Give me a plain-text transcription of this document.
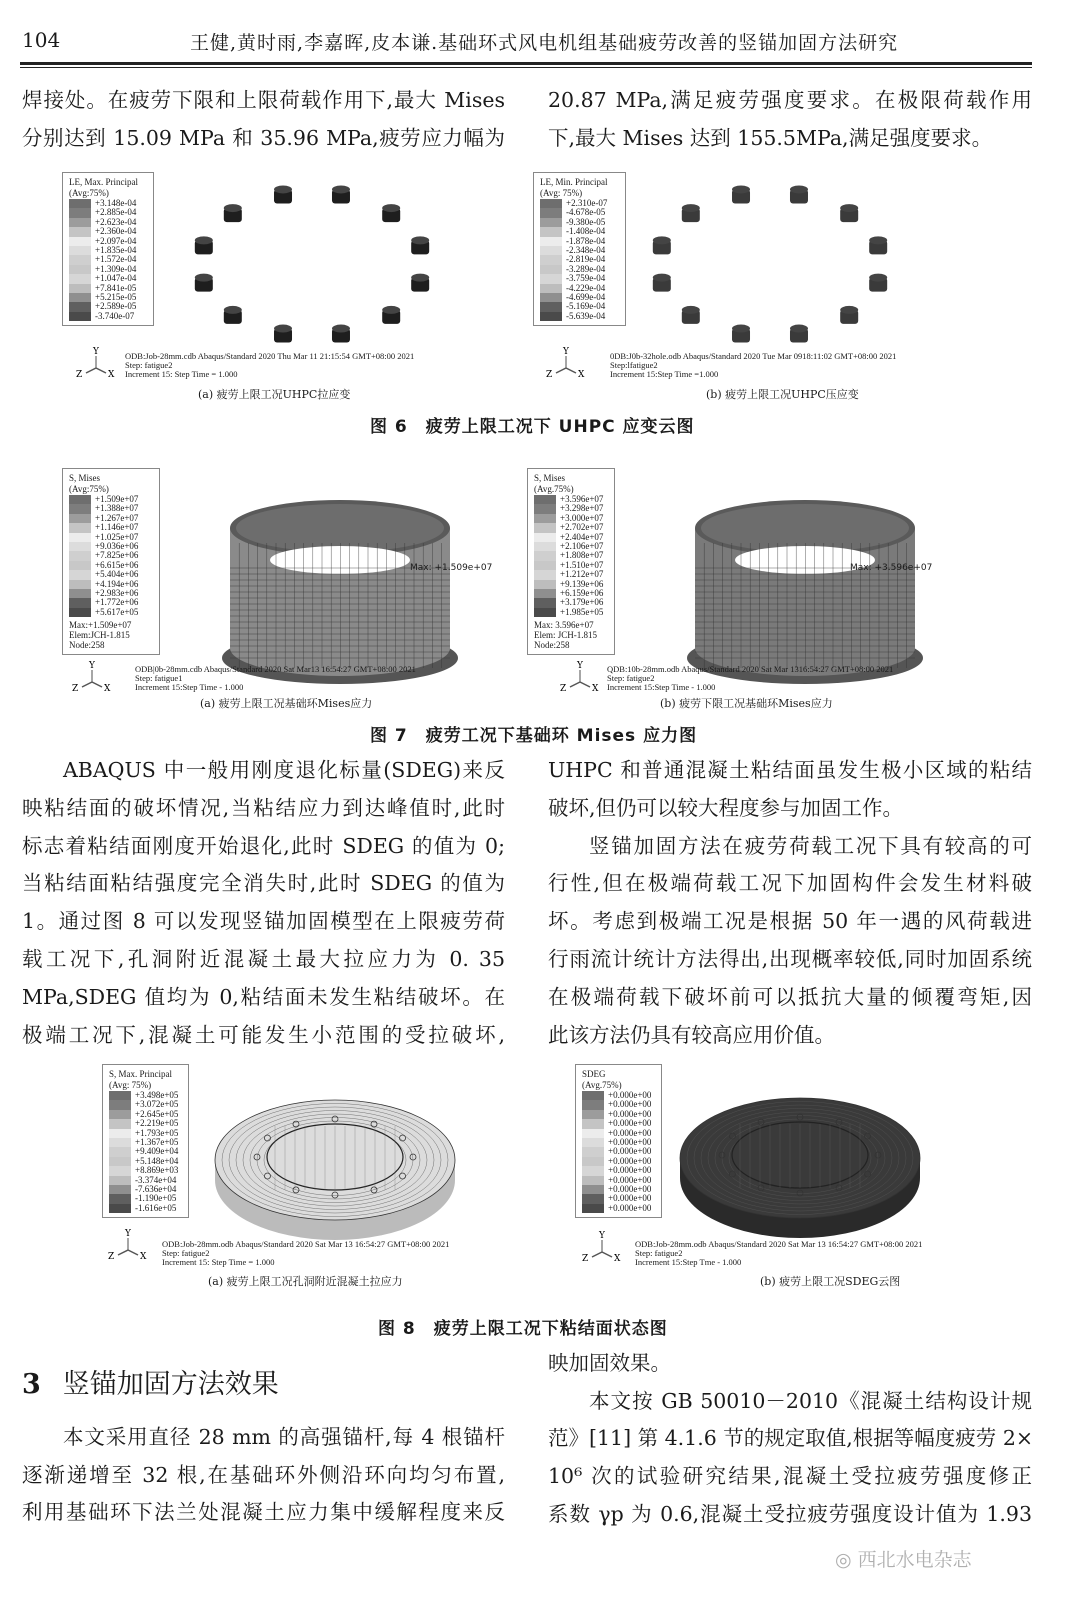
104	王健,黄时雨,李嘉晖,皮本谦.基础环式风电机组基础疲劳改善的竖锚加固方法研究
焊接处。在疲劳下限和上限荷载作用下,最大 Mises
分别达到 15.09 MPa 和 35.96 MPa,疲劳应力幅为
20.87 MPa,满足疲劳强度要求。在极限荷载作用
下,最大 Mises 达到 155.5MPa,满足强度要求。
ABAQUS 中一般用刚度退化标量(SDEG)来反
映粘结面的破坏情况,当粘结应力到达峰值时,此时
标志着粘结面刚度开始退化,此时 SDEG 的值为 0;
当粘结面粘结强度完全消失时,此时 SDEG 的值为
1。通过图 8 可以发现竖锚加固模型在上限疲劳荷
载工况下,孔洞附近混凝土最大拉应力为 0. 35
MPa,SDEG 值均为 0,粘结面未发生粘结破坏。在
极端工况下,混凝土可能发生小范围的受拉破坏,
UHPC 和普通混凝土粘结面虽发生极小区域的粘结
破坏,但仍可以较大程度参与加固工作。
竖锚加固方法在疲劳荷载工况下具有较高的可
行性,但在极端荷载工况下加固构件会发生材料破
坏。考虑到极端工况是根据 50 年一遇的风荷载进
行雨流计统计方法得出,出现概率较低,同时加固系统
在极端荷载下破坏前可以抵抗大量的倾覆弯矩,因
此该方法仍具有较高应用价值。
本文采用直径 28 mm 的高强锚杆,每 4 根锚杆
逐渐递增至 32 根,在基础环外侧沿环向均匀布置,
利用基础环下法兰处混凝土应力集中缓解程度来反
映加固效果。
本文按 GB 50010－2010《混凝土结构设计规
范》[11] 第 4.1.6 节的规定取值,根据等幅度疲劳 2×
10⁶ 次的试验研究结果,混凝土受拉疲劳强度修正
系数 γp 为 0.6,混凝土受拉疲劳强度设计值为 1.93
LE, Max. Principal
(Avg:75%)
+3.148e-04
+2.885e-04
+2.623e-04
+2.360e-04
+2.097e-04
+1.835e-04
+1.572e-04
+1.309e-04
+1.047e-04
+7.841e-05
+5.215e-05
+2.589e-05
-3.740e-07
Y
Z	X
ODB:Job-28mm.cdb Abaqus/Standard 2020 Thu Mar 11 21:15:54 GMT+08:00 2021
Step: fatigue2
Increment 15: Step Time = 1.000
(a) 疲劳上限工况UHPC拉应变
LE, Min. Principal
(Avg: 75%)
+2.310e-07
-4.678e-05
-9.380e-05
-1.408e-04
-1.878e-04
-2.348e-04
-2.819e-04
-3.289e-04
-3.759e-04
-4.229e-04
-4.699e-04
-5.169e-04
-5.639e-04
Y
Z	X
0DB:J0b-32hole.odb Abaqus/Standard 2020 Tue Mar 0918:11:02 GMT+08:00 2021
Step:lfatigue2
Increment 15:Step Time =1.000
(b) 疲劳上限工况UHPC压应变
图 6　疲劳上限工况下 UHPC 应变云图
S, Mises
(Avg:75%)
+1.509e+07
+1.388e+07
+1.267e+07
+1.146e+07
+1.025e+07
+9.036e+06
+7.825e+06
+6.615e+06
+5.404e+06
+4.194e+06
+2.983e+06
+1.772e+06
+5.617e+05
Max:+1.509e+07
Elem:JCH-1.815
Node:258
Y
Z	X
ODB|0b-28mm.cdb Abaqus/Standard 2020 Sat Mar13 16:54:27 GMT+08:00 2021
Step: fatigue1
Increment 15:Step Time - 1.000
(a) 疲劳上限工况基础环Mises应力
Max: +1.509e+07
S, Mises
(Avg.75%)
+3.596e+07
+3.298e+07
+3.000e+07
+2.702e+07
+2.404e+07
+2.106e+07
+1.808e+07
+1.510e+07
+1.212e+07
+9.139e+06
+6.159e+06
+3.179e+06
+1.985e+05
Max: 3.596e+07
Elem: JCH-1.815
Node:258
Y
Z	X
QDB:10b-28mm.odb Abaqus/Standard 2020 Sat Mar 1316:54:27 GMT+08:00 2021
Step: fatigue2
Increment 15:Step Time - 1.000
(b) 疲劳下限工况基础环Mises应力
Max: +3.596e+07
图 7　疲劳工况下基础环 Mises 应力图
S, Max. Principal
(Avg: 75%)
+3.498e+05
+3.072e+05
+2.645e+05
+2.219e+05
+1.793e+05
+1.367e+05
+9.409e+04
+5.148e+04
+8.869e+03
-3.374e+04
-7.636e+04
-1.190e+05
-1.616e+05
Y
Z	X
ODB:Job-28mm.odb Abaqus/Standard 2020 Sat Mar 13 16:54:27 GMT+08:00 2021
Step: fatigue2
Increment 15: Step Time = 1.000
(a) 疲劳上限工况孔洞附近混凝土拉应力
SDEG
(Avg.75%)
+0.000e+00
+0.000e+00
+0.000e+00
+0.000e+00
+0.000e+00
+0.000e+00
+0.000e+00
+0.000e+00
+0.000e+00
+0.000e+00
+0.000e+00
+0.000e+00
+0.000e+00
Y
Z	X
ODB:Job-28mm.odb Abaqus/Standard 2020 Sat Mar 13 16:54:27 GMT+08:00 2021
Step: fatigue2
Increment 15:Step Tme - 1.000
(b) 疲劳上限工况SDEG云图
图 8　疲劳上限工况下粘结面状态图
3 竖锚加固方法效果
◎ 西北水电杂志
